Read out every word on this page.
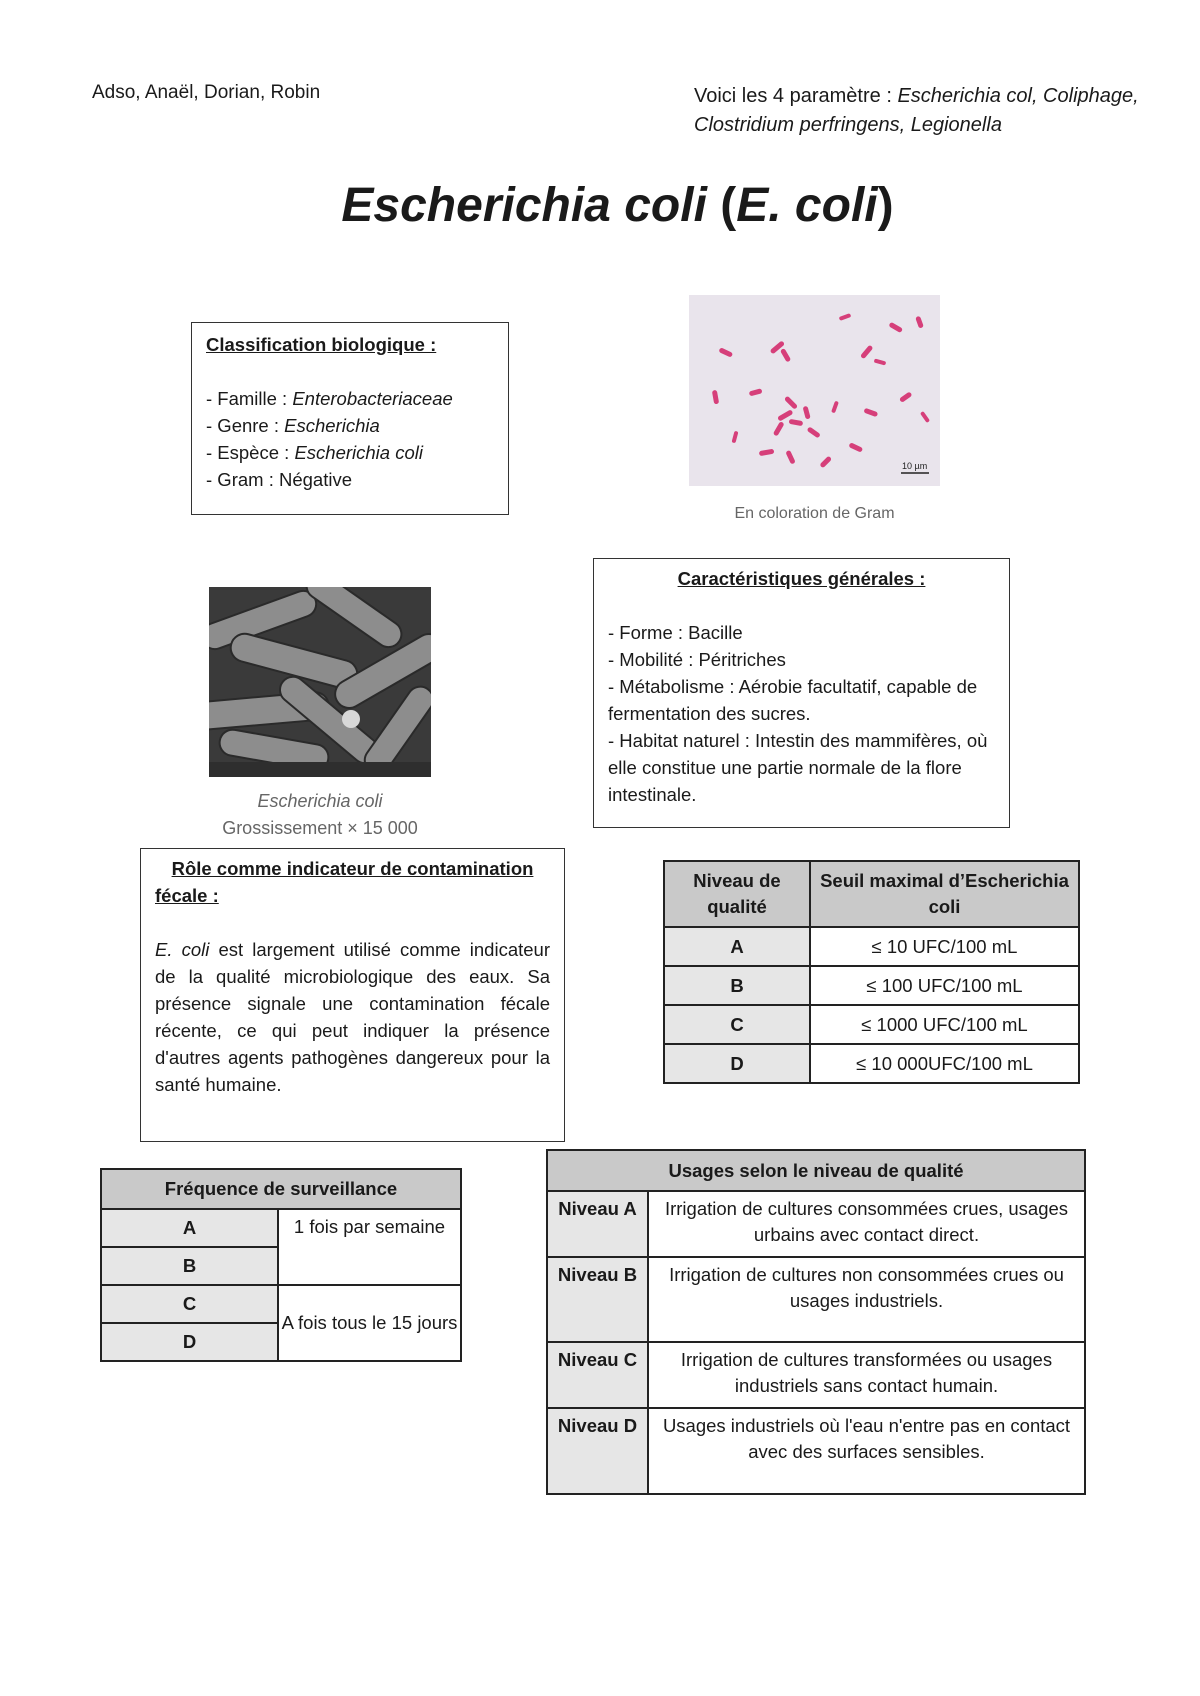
Adso, Anaël, Dorian, Robin	Voici les 4 paramètre : Escherichia col, Coliphage, Clostridium perfringens, Legionella
Escherichia coli (E. coli)

Classification biologique :

- Famille : Enterobacteriaceae

- Genre : Escherichia

- Espèce : Escherichia coli

- Gram : Négative

10 µm
En coloration de Gram
Escherichia coli
Grossissement × 15 000

Caractéristiques générales :

- Forme : Bacille

- Mobilité : Péritriches

- Métabolisme : Aérobie facultatif, capable de fermentation des sucres.

- Habitat naturel : Intestin des mammifères, où elle constitue une partie normale de la flore intestinale.

Rôle comme indicateur de contamination fécale :

E. coli est largement utilisé comme indicateur de la qualité microbiologique des eaux. Sa présence signale une contamination fécale récente, ce qui peut indiquer la présence d'autres agents pathogènes dangereux pour la santé humaine.

Niveau de qualité	Seuil maximal d’Escherichia coli
A	≤ 10 UFC/100 mL
B	≤ 100 UFC/100 mL
C	≤ 1000 UFC/100 mL
D	≤ 10 000UFC/100 mL
Fréquence de surveillance	
A	1 fois par semaine
B	
C	A fois tous le 15 jours
D	
Usages selon le niveau de qualité	
Niveau A	Irrigation de cultures consommées crues, usages urbains avec contact direct.
Niveau B	Irrigation de cultures non consommées crues ou usages industriels.
Niveau C	Irrigation de cultures transformées ou usages industriels sans contact humain.
Niveau D	Usages industriels où l'eau n'entre pas en contact avec des surfaces sensibles.
